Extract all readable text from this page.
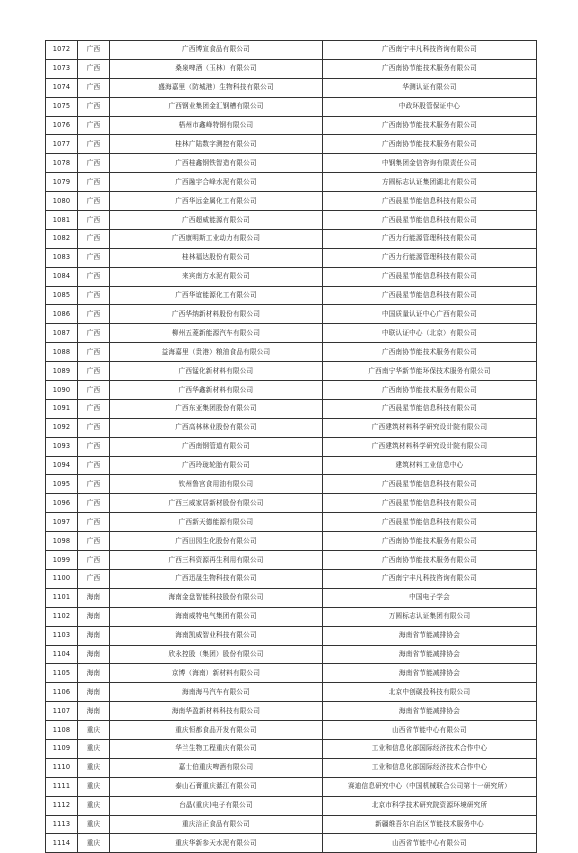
1072	广西	广西博宣食品有限公司	广西南宁丰凡科技咨询有限公司
1073	广西	桑泉啤酒（玉林）有限公司	广西南协节能技术服务有限公司
1074	广西	盛海嘉里（防城港）生物科技有限公司	华测认证有限公司
1075	广西	广西钢业集团金汇钢槽有限公司	中政环股管保证中心
1076	广西	梧州市鑫峰特钢有限公司	广西南协节能技术服务有限公司
1077	广西	桂林广陆数字测控有限公司	广西南协节能技术服务有限公司
1078	广西	广西桂鑫钢铁智造有限公司	中钢集团金信咨询有限责任公司
1079	广西	广西融宇合峰水泥有限公司	方圆标志认证集团湖北有限公司
1080	广西	广西华远金属化工有限公司	广西晨星节能信息科技有限公司
1081	广西	广西超威能源有限公司	广西晨星节能信息科技有限公司
1082	广西	广西康明斯工业动力有限公司	广西力行能源管理科技有限公司
1083	广西	桂林福达股份有限公司	广西力行能源管理科技有限公司
1084	广西	来宾南方水泥有限公司	广西晨星节能信息科技有限公司
1085	广西	广西华谊能源化工有限公司	广西晨星节能信息科技有限公司
1086	广西	广西华纳新材料股份有限公司	中国质量认证中心广西有限公司
1087	广西	柳州五菱新能源汽车有限公司	中联认证中心（北京）有限公司
1088	广西	益海嘉里（贵港）粮油食品有限公司	广西南协节能技术服务有限公司
1089	广西	广西锰化新材料有限公司	广西南宁华新节能环保技术服务有限公司
1090	广西	广西华鑫新材料有限公司	广西南协节能技术服务有限公司
1091	广西	广西东亚集团股份有限公司	广西晨星节能信息科技有限公司
1092	广西	广西高林林业股份有限公司	广西建筑材料科学研究设计院有限公司
1093	广西	广西南钢管道有限公司	广西建筑材料科学研究设计院有限公司
1094	广西	广西玲珑轮胎有限公司	建筑材料工业信息中心
1095	广西	钦州鲁宫食用油有限公司	广西晨星节能信息科技有限公司
1096	广西	广西三威家居新材股份有限公司	广西晨星节能信息科技有限公司
1097	广西	广西新天德能源有限公司	广西晨星节能信息科技有限公司
1098	广西	广西田园生化股份有限公司	广西南协节能技术服务有限公司
1099	广西	广西三科资源再生利用有限公司	广西南协节能技术服务有限公司
1100	广西	广西迅晟生物科技有限公司	广西南宁丰凡科技咨询有限公司
1101	海南	海南金盘智能科技股份有限公司	中国电子学会
1102	海南	海南威特电气集团有限公司	万圆标志认证集团有限公司
1103	海南	海南凯威智业科技有限公司	海南省节能减排协会
1104	海南	欣永控股（集团）股份有限公司	海南省节能减排协会
1105	海南	京博（海南）新材料有限公司	海南省节能减排协会
1106	海南	海南海马汽车有限公司	北京中创碳投科技有限公司
1107	海南	海南华盈新材料科技有限公司	海南省节能减排协会
1108	重庆	重庆恒都食品开发有限公司	山西省节能中心有限公司
1109	重庆	华兰生物工程重庆有限公司	工业和信息化部国际经济技术合作中心
1110	重庆	嘉士伯重庆啤酒有限公司	工业和信息化部国际经济技术合作中心
1111	重庆	泰山石膏重庆綦江有限公司	赛迪信息研究中心（中国机械联合公司第十一研究所）
1112	重庆	台晶(重庆)电子有限公司	北京市科学技术研究院资源环境研究所
1113	重庆	重庆涪正食品有限公司	新疆维吾尔自治区节能技术服务中心
1114	重庆	重庆华新参天水泥有限公司	山西省节能中心有限公司
